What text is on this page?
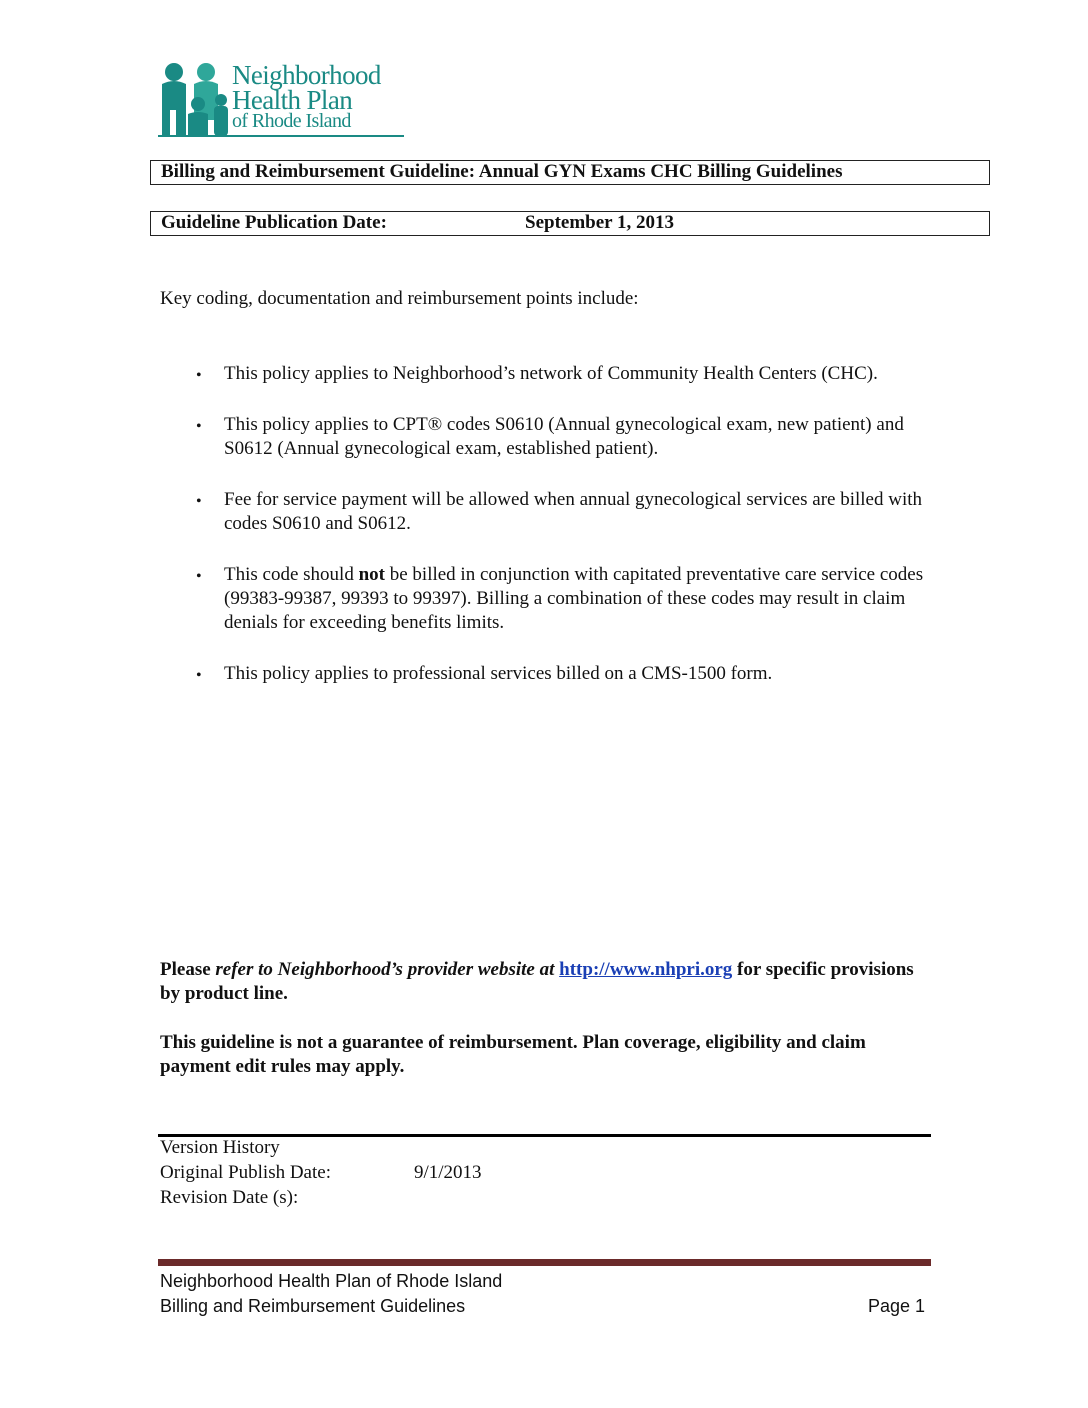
Neighborhood
Health Plan
of Rhode Island
Billing and Reimbursement Guideline: Annual GYN Exams CHC Billing Guidelines
Guideline Publication Date:	September 1, 2013
Key coding, documentation and reimbursement points include:
• This policy applies to Neighborhood’s network of Community Health Centers (CHC).
• This policy applies to CPT® codes S0610 (Annual gynecological exam, new patient) and S0612 (Annual gynecological exam, established patient).
• Fee for service payment will be allowed when annual gynecological services are billed with codes S0610 and S0612.
• This code should not be billed in conjunction with capitated preventative care service codes (99383-99387, 99393 to 99397). Billing a combination of these codes may result in claim denials for exceeding benefits limits.
• This policy applies to professional services billed on a CMS-1500 form.

Please refer to Neighborhood’s provider website at http://www.nhpri.org for specific provisions by product line.

This guideline is not a guarantee of reimbursement. Plan coverage, eligibility and claim payment edit rules may apply.

Version History
Original Publish Date:	9/1/2013
Revision Date (s):
Neighborhood Health Plan of Rhode Island
Billing and Reimbursement Guidelines	Page 1
